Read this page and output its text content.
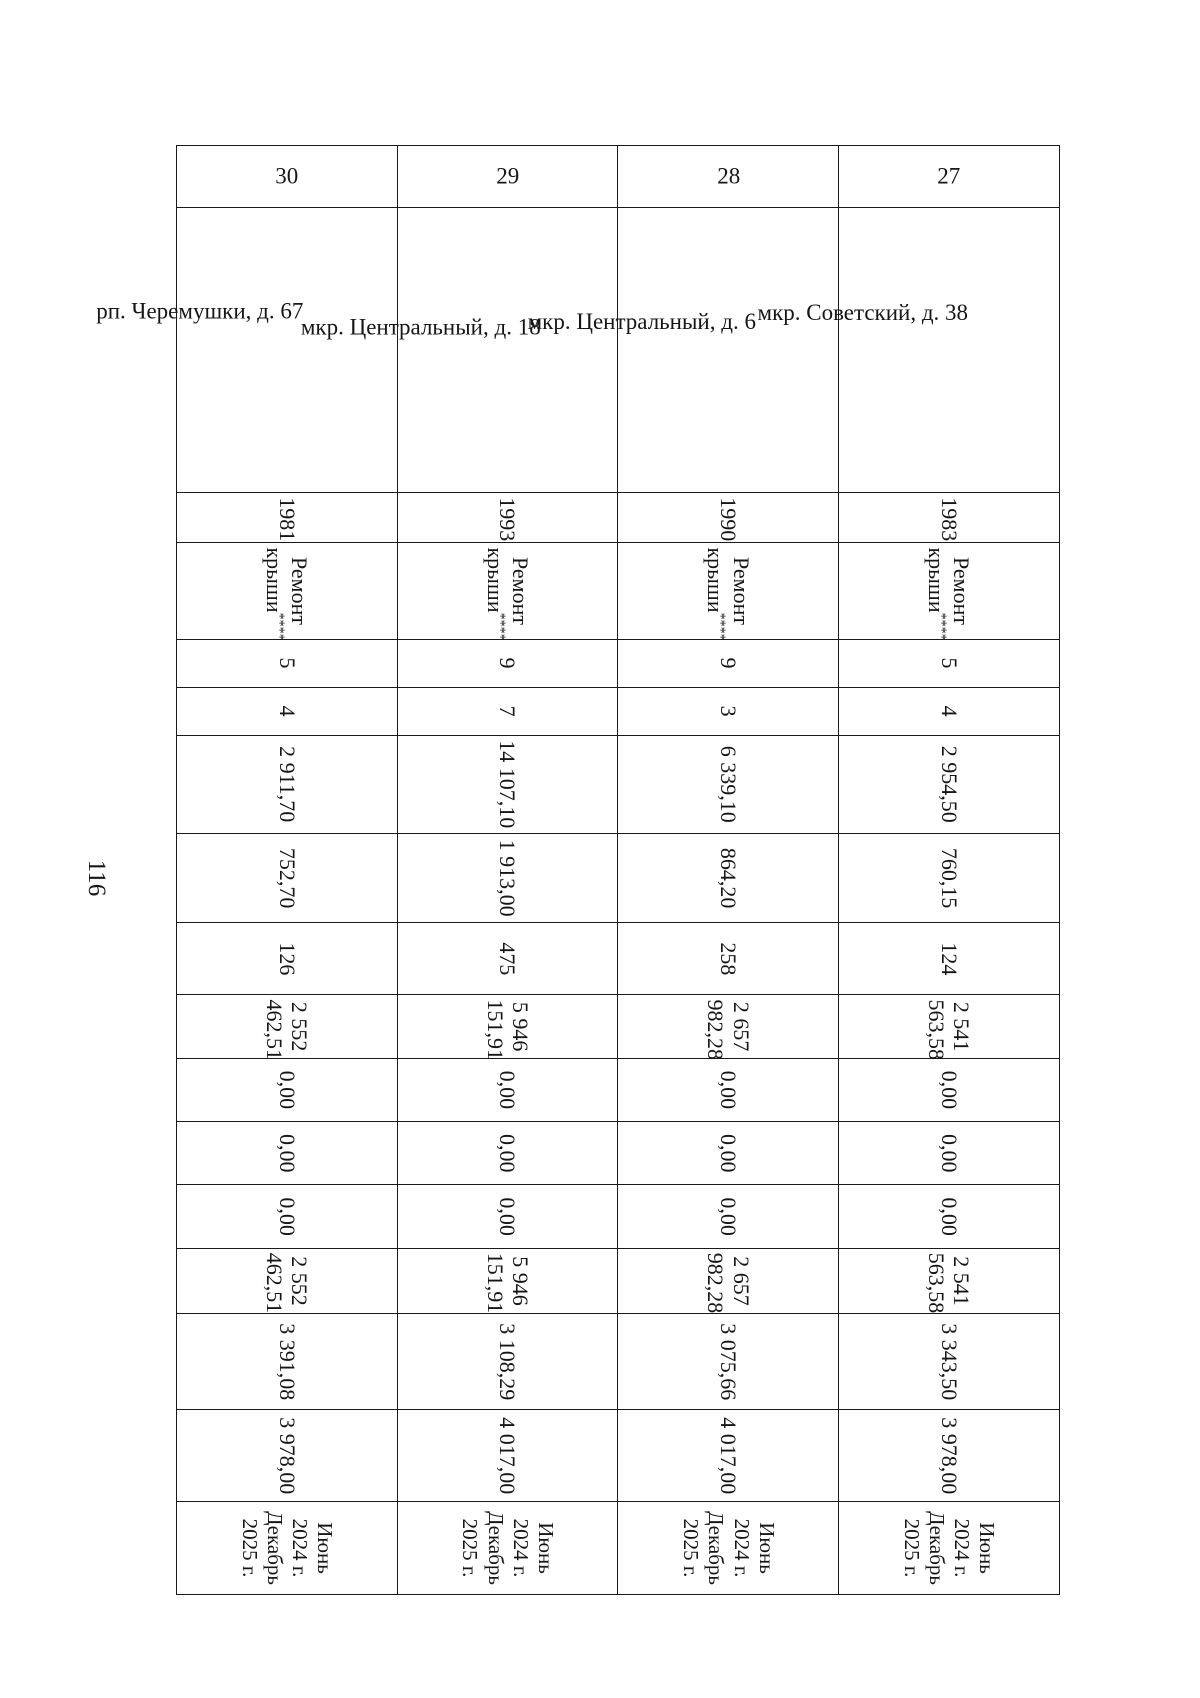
116
27	мкр. Советский, д. 38	1983	Ремонт крыши****	5	4	2 954,50	760,15	124	2 541 563,58	0,00	0,00	0,00	2 541 563,58	3 343,50	3 978,00	Июнь 2024 г.
Декабрь 2025 г.

28	мкр. Центральный, д. 6	1990	Ремонт крыши****	9	3	6 339,10	864,20	258	2 657 982,28	0,00	0,00	0,00	2 657 982,28	3 075,66	4 017,00	Июнь 2024 г.
Декабрь 2025 г.

29	мкр. Центральный, д. 18	1993	Ремонт крыши****	9	7	14 107,10	1 913,00	475	5 946 151,91	0,00	0,00	0,00	5 946 151,91	3 108,29	4 017,00	Июнь 2024 г.
Декабрь 2025 г.

30	рп. Черемушки, д. 67	1981	Ремонт крыши****	5	4	2 911,70	752,70	126	2 552 462,51	0,00	0,00	0,00	2 552 462,51	3 391,08	3 978,00	Июнь 2024 г.
Декабрь 2025 г.
